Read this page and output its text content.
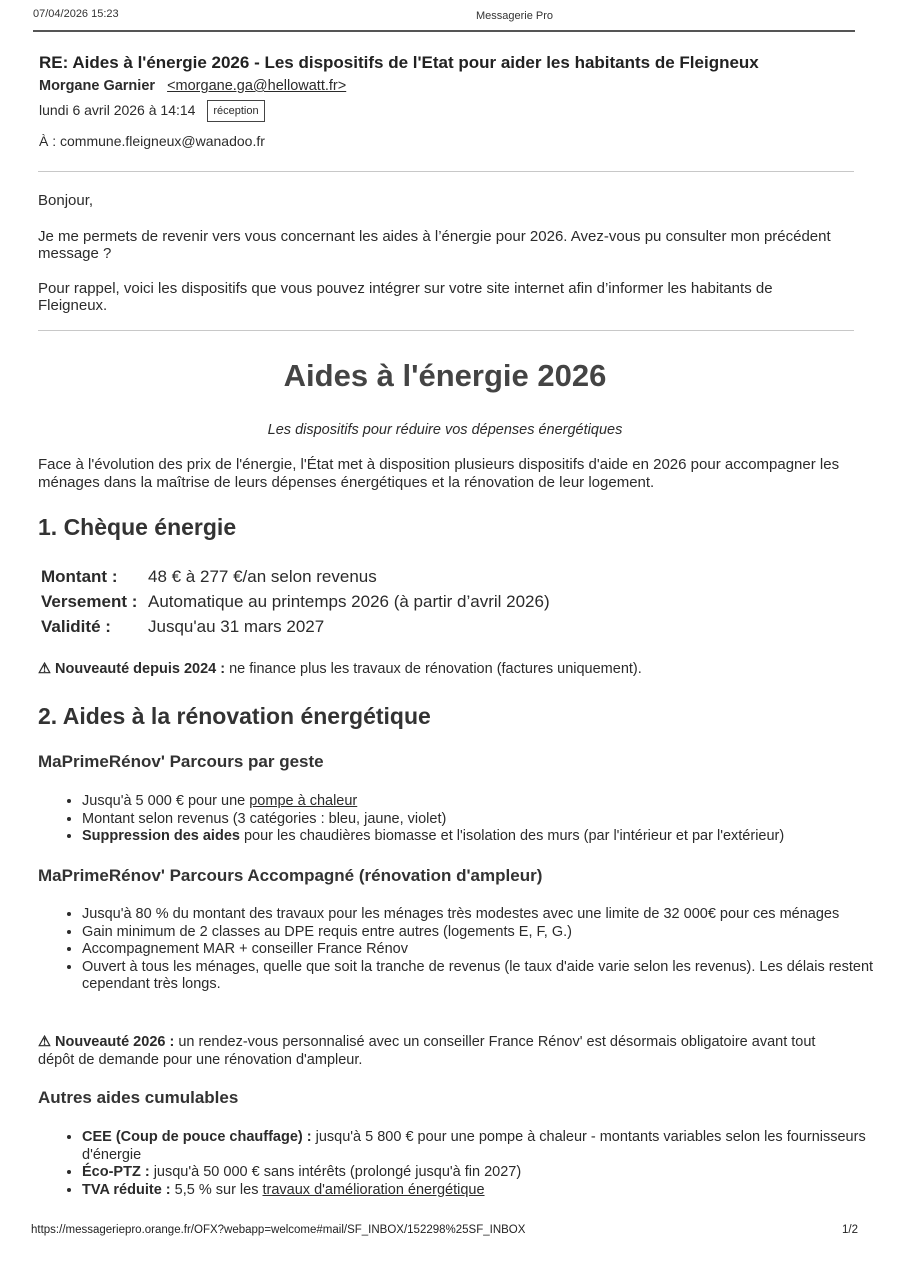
07/04/2026 15:23	Messagerie Pro
RE: Aides à l'énergie 2026 - Les dispositifs de l'Etat pour aider les habitants de Fleigneux
Morgane Garnier <morgane.ga@hellowatt.fr>
lundi 6 avril 2026 à 14:14 réception
À : commune.fleigneux@wanadoo.fr

Bonjour,

Je me permets de revenir vers vous concernant les aides à l’énergie pour 2026. Avez-vous pu consulter mon précédent message ?

Pour rappel, voici les dispositifs que vous pouvez intégrer sur votre site internet afin d’informer les habitants de Fleigneux.

Aides à l'énergie 2026
Les dispositifs pour réduire vos dépenses énergétiques
Face à l'évolution des prix de l'énergie, l'État met à disposition plusieurs dispositifs d'aide en 2026 pour accompagner les ménages dans la maîtrise de leurs dépenses énergétiques et la rénovation de leur logement.
1. Chèque énergie
Montant :	48 € à 277 €/an selon revenus
Versement : Automatique au printemps 2026 (à partir d’avril 2026)
Validité :	Jusqu'au 31 mars 2027
⚠ Nouveauté depuis 2024 : ne finance plus les travaux de rénovation (factures uniquement).
2. Aides à la rénovation énergétique
MaPrimeRénov' Parcours par geste
• Jusqu'à 5 000 € pour une pompe à chaleur
• Montant selon revenus (3 catégories : bleu, jaune, violet)
• Suppression des aides pour les chaudières biomasse et l'isolation des murs (par l'intérieur et par l'extérieur)
MaPrimeRénov' Parcours Accompagné (rénovation d'ampleur)
• Jusqu'à 80 % du montant des travaux pour les ménages très modestes avec une limite de 32 000€ pour ces ménages
• Gain minimum de 2 classes au DPE requis entre autres (logements E, F, G.)
• Accompagnement MAR + conseiller France Rénov
• Ouvert à tous les ménages, quelle que soit la tranche de revenus (le taux d'aide varie selon les revenus). Les délais restent cependant très longs.
⚠ Nouveauté 2026 : un rendez-vous personnalisé avec un conseiller France Rénov' est désormais obligatoire avant tout dépôt de demande pour une rénovation d'ampleur.
Autres aides cumulables
• CEE (Coup de pouce chauffage) : jusqu'à 5 800 € pour une pompe à chaleur - montants variables selon les fournisseurs d'énergie
• Éco-PTZ : jusqu'à 50 000 € sans intérêts (prolongé jusqu'à fin 2027)
• TVA réduite : 5,5 % sur les travaux d'amélioration énergétique
https://messageriepro.orange.fr/OFX?webapp=welcome#mail/SF_INBOX/152298%25SF_INBOX	1/2
